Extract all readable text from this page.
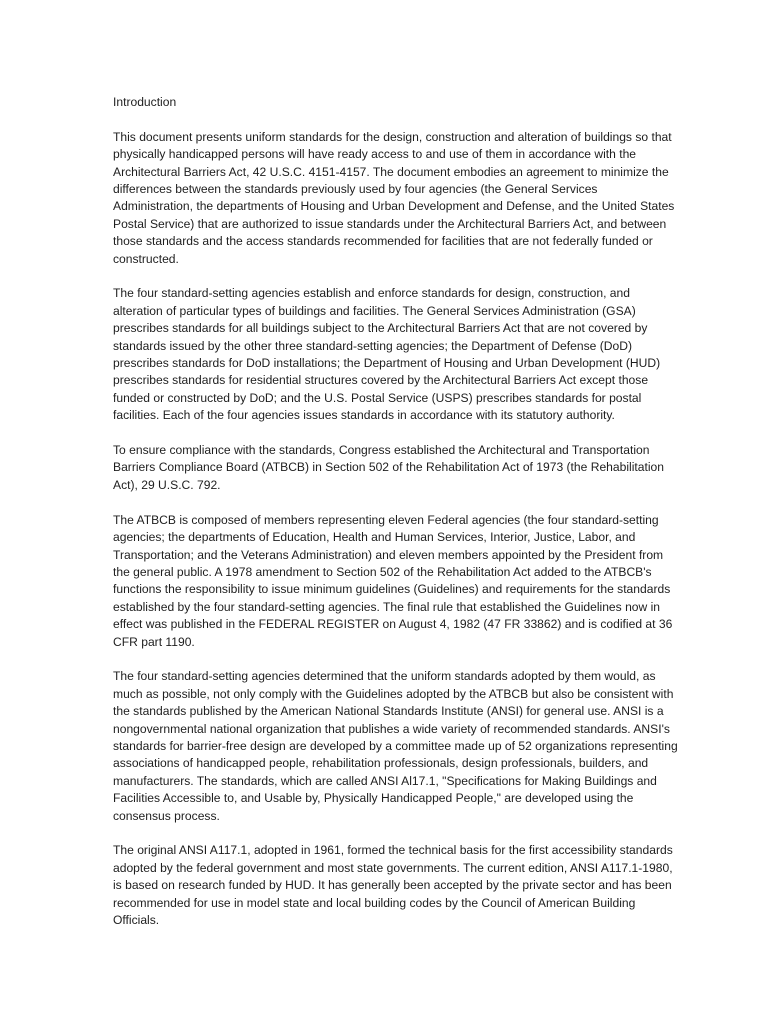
Introduction

This document presents uniform standards for the design, construction and alteration of buildings so that physically handicapped persons will have ready access to and use of them in accordance with the Architectural Barriers Act, 42 U.S.C. 4151-4157. The document embodies an agreement to minimize the differences between the standards previously used by four agencies (the General Services Administration, the departments of Housing and Urban Development and Defense, and the United States Postal Service) that are authorized to issue standards under the Architectural Barriers Act, and between those standards and the access standards recommended for facilities that are not federally funded or constructed.

The four standard-setting agencies establish and enforce standards for design, construction, and alteration of particular types of buildings and facilities. The General Services Administration (GSA) prescribes standards for all buildings subject to the Architectural Barriers Act that are not covered by standards issued by the other three standard-setting agencies; the Department of Defense (DoD) prescribes standards for DoD installations; the Department of Housing and Urban Development (HUD) prescribes standards for residential structures covered by the Architectural Barriers Act except those funded or constructed by DoD; and the U.S. Postal Service (USPS) prescribes standards for postal facilities. Each of the four agencies issues standards in accordance with its statutory authority.

To ensure compliance with the standards, Congress established the Architectural and Transportation Barriers Compliance Board (ATBCB) in Section 502 of the Rehabilitation Act of 1973 (the Rehabilitation Act), 29 U.S.C. 792.

The ATBCB is composed of members representing eleven Federal agencies (the four standard-setting agencies; the departments of Education, Health and Human Services, Interior, Justice, Labor, and Transportation; and the Veterans Administration) and eleven members appointed by the President from the general public. A 1978 amendment to Section 502 of the Rehabilitation Act added to the ATBCB's functions the responsibility to issue minimum guidelines (Guidelines) and requirements for the standards established by the four standard-setting agencies. The final rule that established the Guidelines now in effect was published in the FEDERAL REGISTER on August 4, 1982 (47 FR 33862) and is codified at 36 CFR part 1190.

The four standard-setting agencies determined that the uniform standards adopted by them would, as much as possible, not only comply with the Guidelines adopted by the ATBCB but also be consistent with the standards published by the American National Standards Institute (ANSI) for general use. ANSI is a nongovernmental national organization that publishes a wide variety of recommended standards. ANSI's standards for barrier-free design are developed by a committee made up of 52 organizations representing associations of handicapped people, rehabilitation professionals, design professionals, builders, and manufacturers. The standards, which are called ANSI Al17.1, "Specifications for Making Buildings and Facilities Accessible to, and Usable by, Physically Handicapped People," are developed using the consensus process.

The original ANSI A117.1, adopted in 1961, formed the technical basis for the first accessibility standards adopted by the federal government and most state governments. The current edition, ANSI A117.1-1980, is based on research funded by HUD. It has generally been accepted by the private sector and has been recommended for use in model state and local building codes by the Council of American Building Officials.
